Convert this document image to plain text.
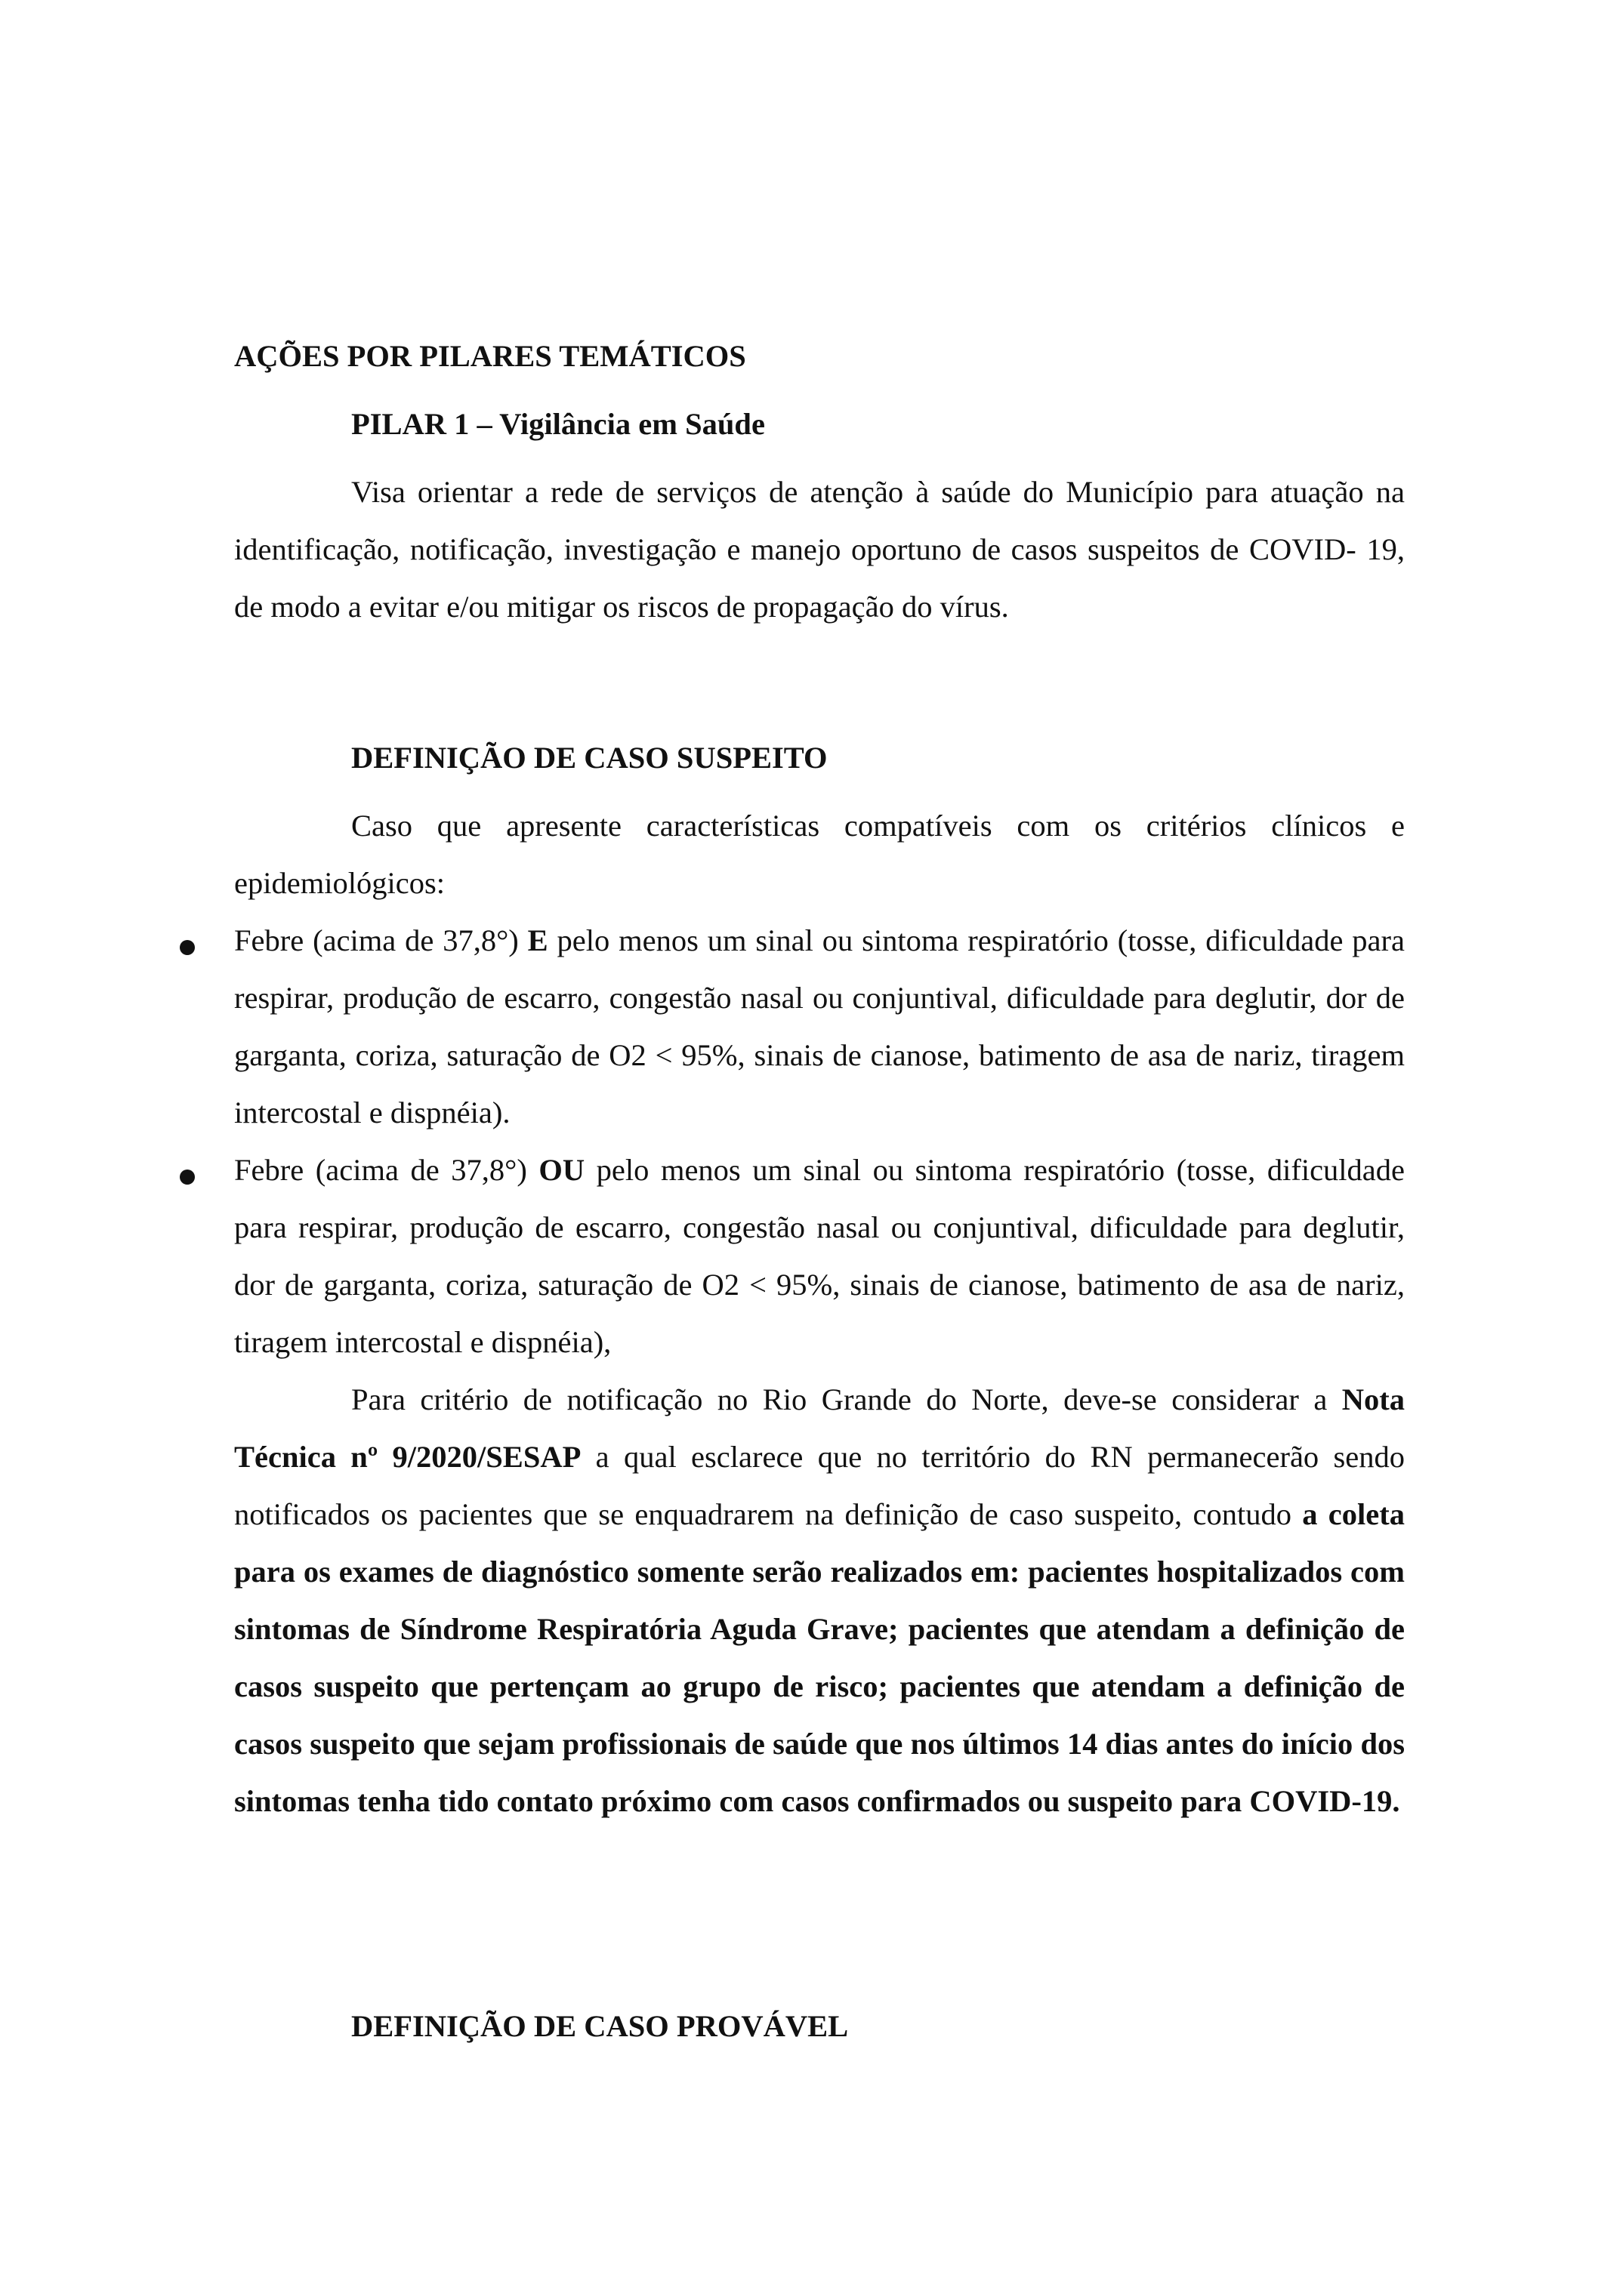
AÇÕES POR PILARES TEMÁTICOS

PILAR 1 – Vigilância em Saúde

Visa orientar a rede de serviços de atenção à saúde do Município para atuação na identificação, notificação, investigação e manejo oportuno de casos suspeitos de COVID- 19, de modo a evitar e/ou mitigar os riscos de propagação do vírus.

DEFINIÇÃO DE CASO SUSPEITO

Caso que apresente características compatíveis com os critérios clínicos e epidemiológicos:

Febre (acima de 37,8°) E pelo menos um sinal ou sintoma respiratório (tosse, dificuldade para respirar, produção de escarro, congestão nasal ou conjuntival, dificuldade para deglutir, dor de garganta, coriza, saturação de O2 < 95%, sinais de cianose, batimento de asa de nariz, tiragem intercostal e dispnéia).

Febre (acima de 37,8°) OU pelo menos um sinal ou sintoma respiratório (tosse, dificuldade para respirar, produção de escarro, congestão nasal ou conjuntival, dificuldade para deglutir, dor de garganta, coriza, saturação de O2 < 95%, sinais de cianose, batimento de asa de nariz, tiragem intercostal e dispnéia),

Para critério de notificação no Rio Grande do Norte, deve-se considerar a Nota Técnica nº 9/2020/SESAP a qual esclarece que no território do RN permanecerão sendo notificados os pacientes que se enquadrarem na definição de caso suspeito, contudo a coleta para os exames de diagnóstico somente serão realizados em: pacientes hospitalizados com sintomas de Síndrome Respiratória Aguda Grave; pacientes que atendam a definição de casos suspeito que pertençam ao grupo de risco; pacientes que atendam a definição de casos suspeito que sejam profissionais de saúde que nos últimos 14 dias antes do início dos sintomas tenha tido contato próximo com casos confirmados ou suspeito para COVID-19.

DEFINIÇÃO DE CASO PROVÁVEL
